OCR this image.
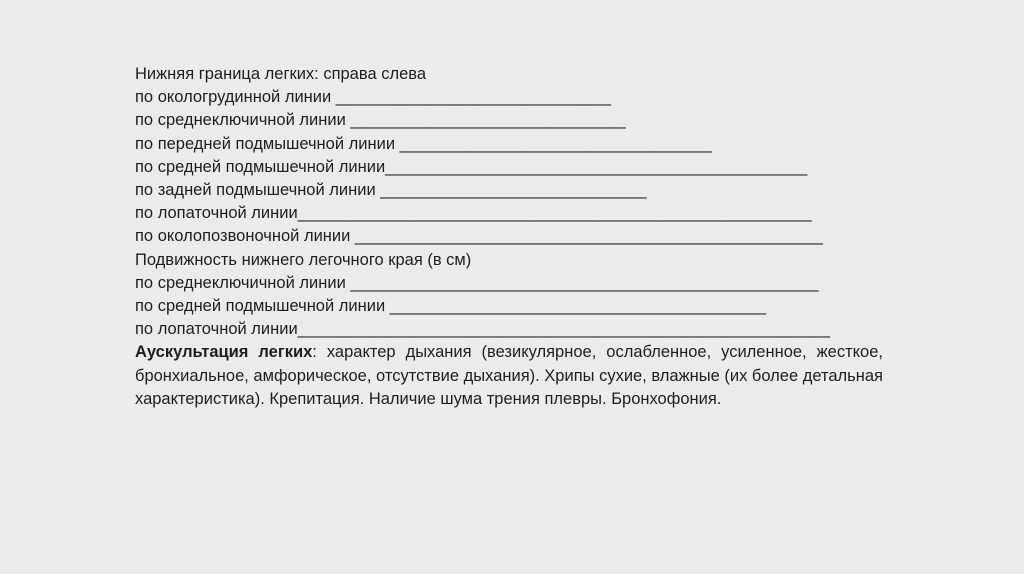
Нижняя граница легких: справа слева

по окологрудинной линии ______________________________

по среднеключичной линии ______________________________

по передней подмышечной линии __________________________________

по средней подмышечной линии______________________________________________

по задней подмышечной линии _____________________________

по лопаточной линии________________________________________________________

по околопозвоночной линии ___________________________________________________

Подвижность нижнего легочного края (в см)

по среднеключичной линии ___________________________________________________

по средней подмышечной линии _________________________________________

по лопаточной линии__________________________________________________________

Аускультация легких: характер дыхания (везикулярное, ослабленное, усиленное, жесткое, бронхиальное, амфорическое, отсутствие дыхания). Хрипы сухие, влажные (их более детальная характеристика). Крепитация. Наличие шума трения плевры. Бронхофония.
